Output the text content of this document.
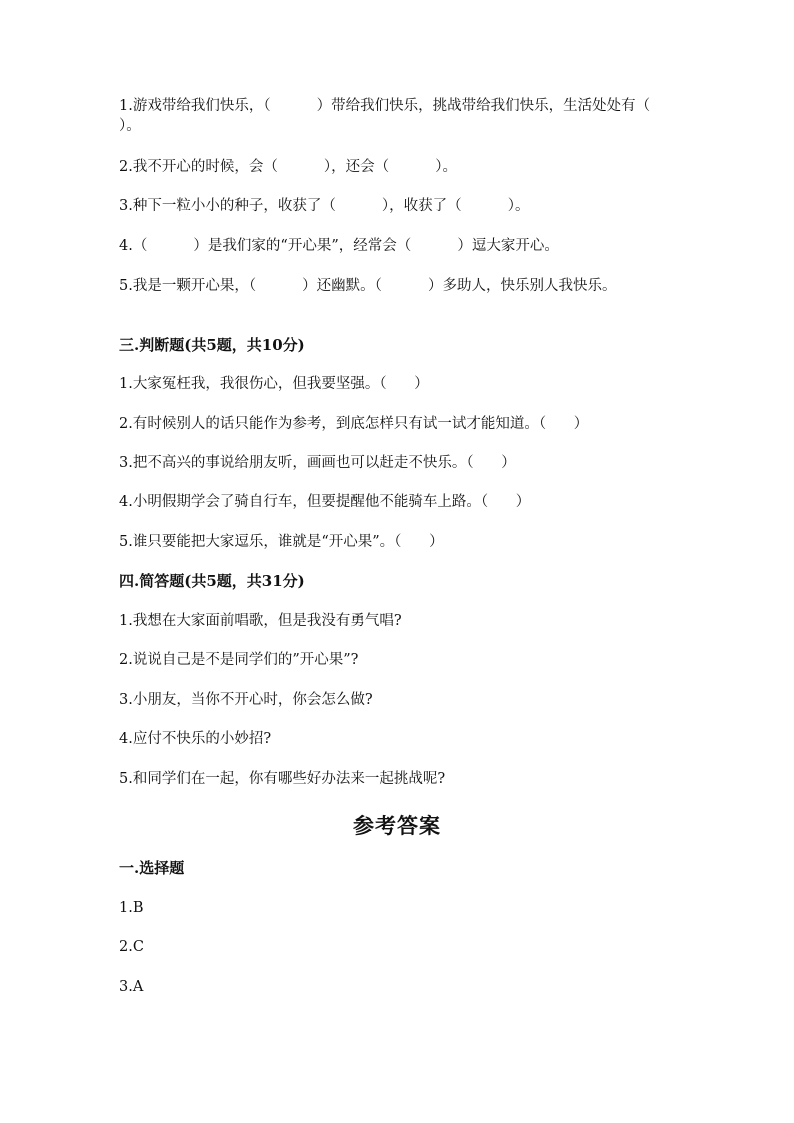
1.游戏带给我们快乐，（          ）带给我们快乐，挑战带给我们快乐，生活处处有（          ）。
2.我不开心的时候，会（          ），还会（          ）。
3.种下一粒小小的种子，收获了（          ），收获了（          ）。
4.（          ）是我们家的“开心果”，经常会（          ）逗大家开心。
5.我是一颗开心果，（          ）还幽默。（          ）多助人，快乐别人我快乐。
三.判断题(共5题，共10分)
1.大家冤枉我，我很伤心，但我要坚强。（      ）
2.有时候别人的话只能作为参考，到底怎样只有试一试才能知道。（      ）
3.把不高兴的事说给朋友听，画画也可以赶走不快乐。（      ）
4.小明假期学会了骑自行车，但要提醒他不能骑车上路。（      ）
5.谁只要能把大家逗乐，谁就是“开心果”。（      ）
四.简答题(共5题，共31分)
1.我想在大家面前唱歌，但是我没有勇气唱?
2.说说自己是不是同学们的”开心果”?
3.小朋友，当你不开心时，你会怎么做?
4.应付不快乐的小妙招?
5.和同学们在一起，你有哪些好办法来一起挑战呢?
参考答案
一.选择题
1.B
2.C
3.A
